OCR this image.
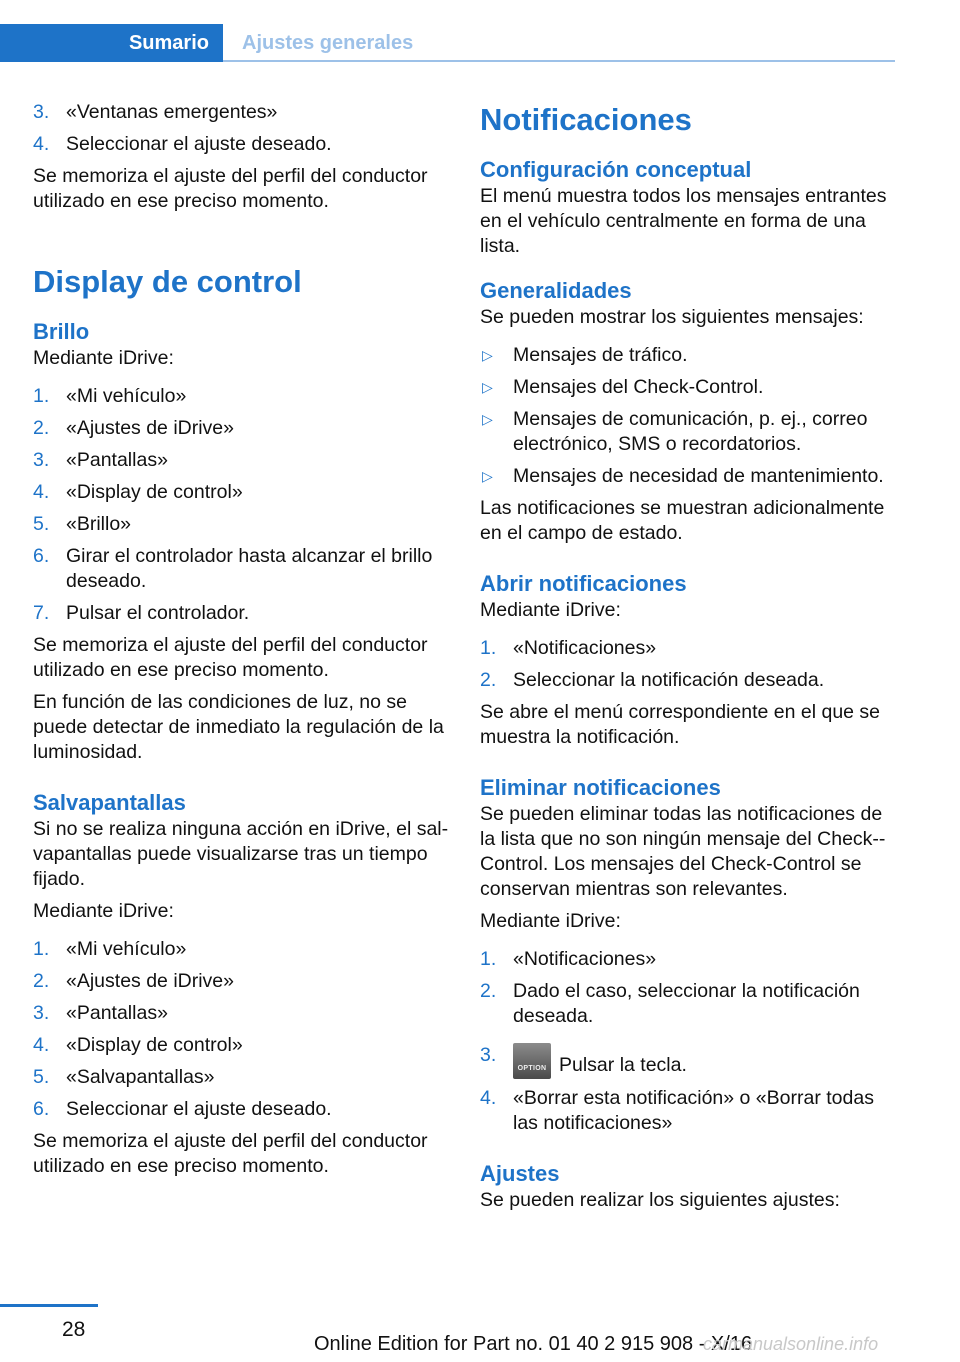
Sumario	Ajustes generales
3. «Ventanas emergentes»
4. Seleccionar el ajuste deseado.

Se memoriza el ajuste del perfil del conductor utilizado en ese preciso momento.

Display de control
Brillo

Mediante iDrive:

1. «Mi vehículo»
2. «Ajustes de iDrive»
3. «Pantallas»
4. «Display de control»
5. «Brillo»
6. Girar el controlador hasta alcanzar el brillo deseado.
7. Pulsar el controlador.

Se memoriza el ajuste del perfil del conductor utilizado en ese preciso momento.

En función de las condiciones de luz, no se puede detectar de inmediato la regulación de la luminosidad.

Salvapantallas

Si no se realiza ninguna acción en iDrive, el salvapantallas puede visualizarse tras un tiempo fijado.

Mediante iDrive:

1. «Mi vehículo»
2. «Ajustes de iDrive»
3. «Pantallas»
4. «Display de control»
5. «Salvapantallas»
6. Seleccionar el ajuste deseado.

Se memoriza el ajuste del perfil del conductor utilizado en ese preciso momento.

Notificaciones
Configuración conceptual

El menú muestra todos los mensajes entrantes en el vehículo centralmente en forma de una lista.

Generalidades

Se pueden mostrar los siguientes mensajes:

▷ Mensajes de tráfico.
▷ Mensajes del Check-Control.
▷ Mensajes de comunicación, p. ej., correo electrónico, SMS o recordatorios.
▷ Mensajes de necesidad de mantenimiento.

Las notificaciones se muestran adicionalmente en el campo de estado.

Abrir notificaciones

Mediante iDrive:

1. «Notificaciones»
2. Seleccionar la notificación deseada.

Se abre el menú correspondiente en el que se muestra la notificación.

Eliminar notificaciones

Se pueden eliminar todas las notificaciones de la lista que no son ningún mensaje del Check--Control. Los mensajes del Check-Control se conservan mientras son relevantes.

Mediante iDrive:

1. «Notificaciones»
2. Dado el caso, seleccionar la notificación deseada.
3.
OPTION Pulsar la tecla.
4. «Borrar esta notificación» o «Borrar todas las notificaciones»
Ajustes

Se pueden realizar los siguientes ajustes:

28
Online Edition for Part no. 01 40 2 915 908 - X/16
carmanualsonline.info
